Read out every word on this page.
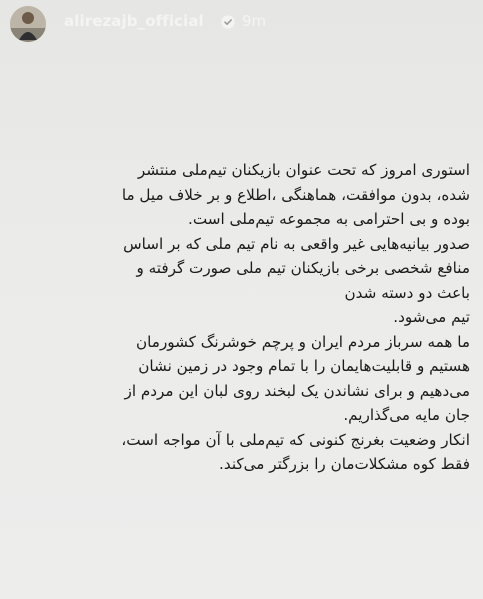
alirezajb_official	9m
استوری امروز که تحت عنوان بازیکنان تیم‌ملی منتشر
شده، بدون موافقت، هماهنگی ،اطلاع و بر خلاف میل ما
بوده و بی احترامی به مجموعه تیم‌ملی است.
صدور بیانیه‌هایی غیر واقعی به نام تیم ملی که بر اساس
منافع شخصی برخی بازیکنان تیم ملی صورت گرفته و
باعث دو دسته شدن
تیم می‌شود.
ما همه سرباز مردم ایران و پرچم خوشرنگ کشورمان
هستیم و قابلیت‌هایمان را با تمام وجود در زمین نشان
می‌دهیم و برای نشاندن یک لبخند روی لبان این مردم از
جان مایه می‌گذاریم.
انکار وضعیت بغرنج کنونی که تیم‌ملی با آن مواجه است،
فقط کوه مشکلات‌مان را بزرگتر می‌کند.
